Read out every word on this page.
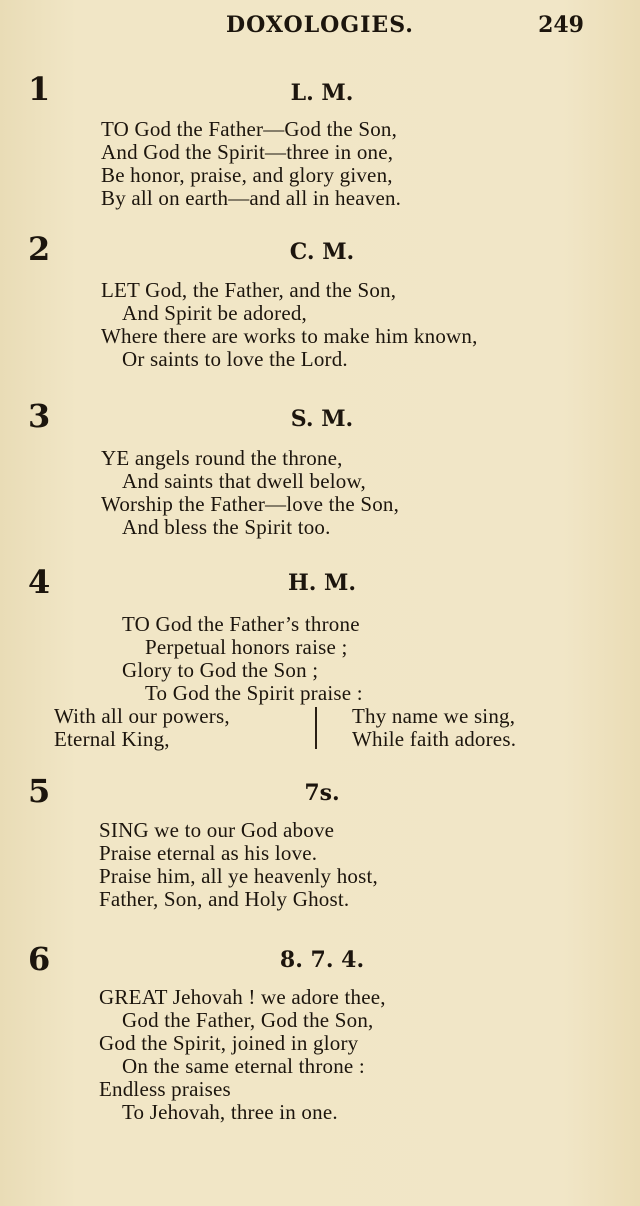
DOXOLOGIES.	249
1	L. M.
TO God the Father—God the Son,
And God the Spirit—three in one,
Be honor, praise, and glory given,
By all on earth—and all in heaven.
2	C. M.
LET God, the Father, and the Son,
And Spirit be adored,
Where there are works to make him known,
Or saints to love the Lord.
3	S. M.
YE angels round the throne,
And saints that dwell below,
Worship the Father—love the Son,
And bless the Spirit too.
4	H. M.
TO God the Father’s throne
Perpetual honors raise ;
Glory to God the Son ;
To God the Spirit praise :
With all our powers,
Eternal King,
Thy name we sing,
While faith adores.
5	7s.
SING we to our God above
Praise eternal as his love.
Praise him, all ye heavenly host,
Father, Son, and Holy Ghost.
6	8. 7. 4.
GREAT Jehovah ! we adore thee,
God the Father, God the Son,
God the Spirit, joined in glory
On the same eternal throne :
Endless praises
To Jehovah, three in one.
